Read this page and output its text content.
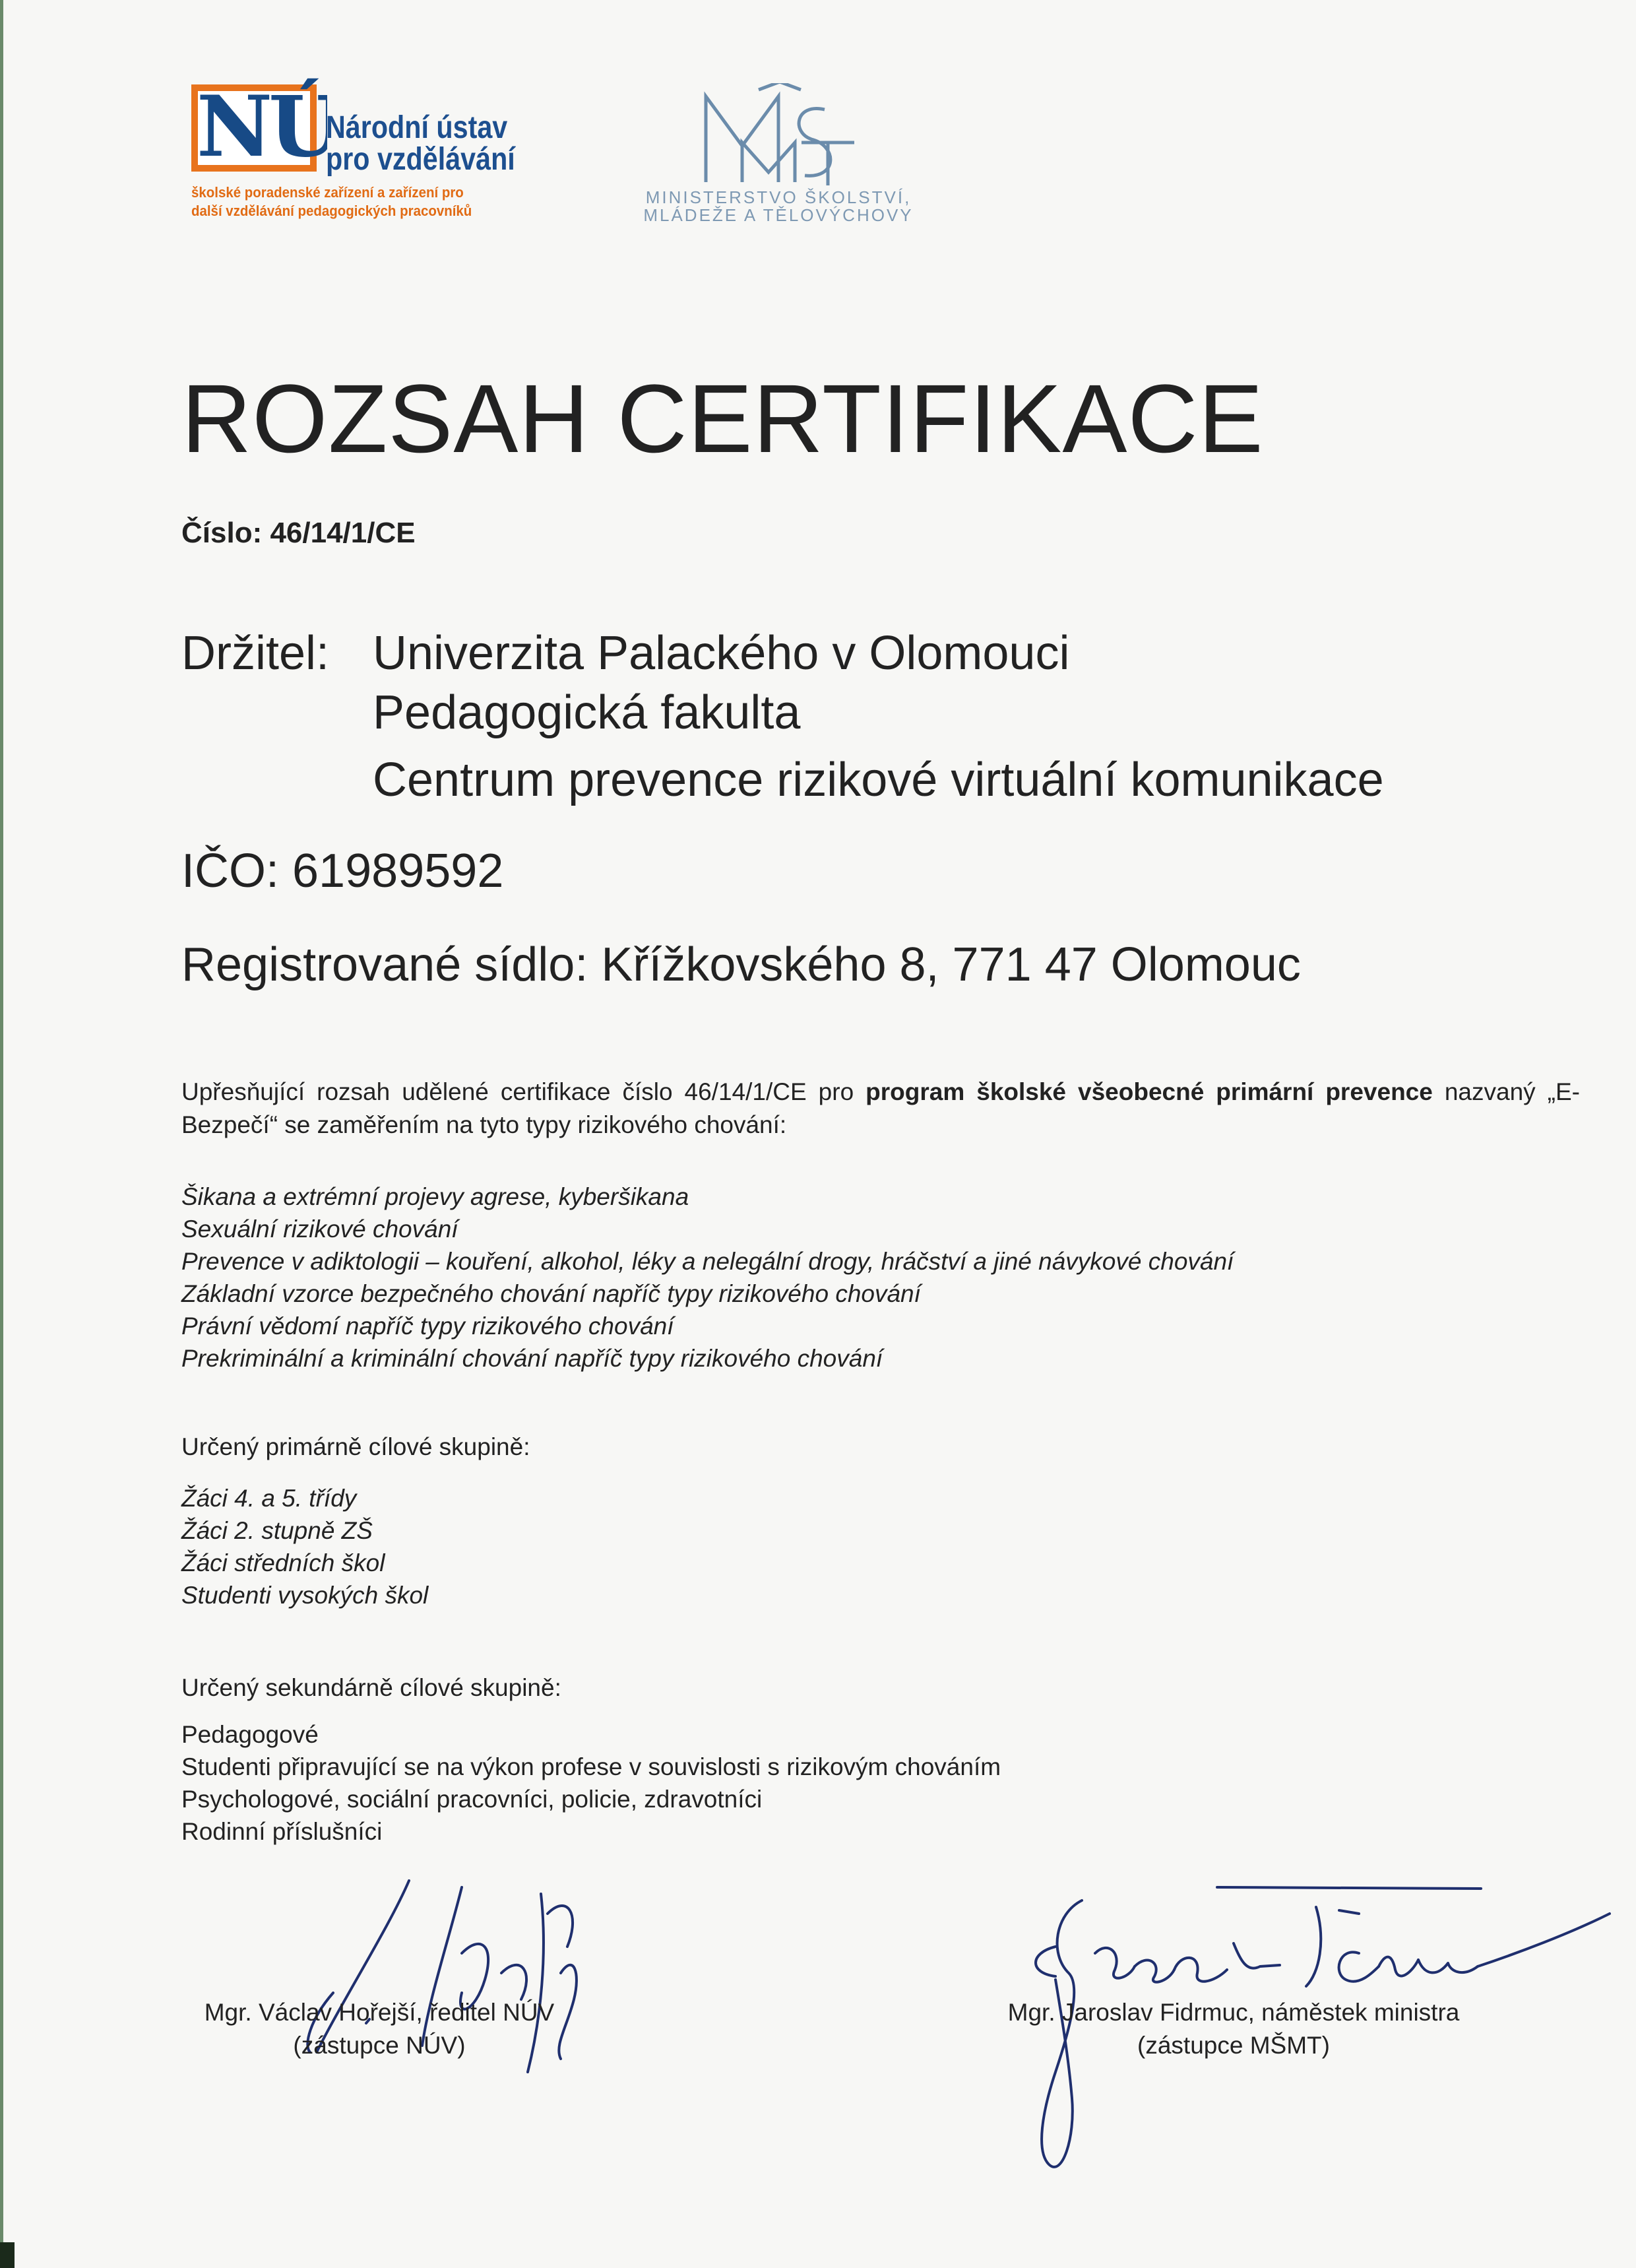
NÚ
Národní ústav
pro vzdělávání
školské poradenské zařízení a zařízení pro
další vzdělávání pedagogických pracovníků
MŠMT
MINISTERSTVO ŠKOLSTVÍ,
MLÁDEŽE A TĚLOVÝCHOVY
ROZSAH CERTIFIKACE
Číslo: 46/14/1/CE
Držitel: Univerzita Palackého v Olomouci
Pedagogická fakulta
Centrum prevence rizikové virtuální komunikace
IČO: 61989592
Registrované sídlo: Křížkovského 8, 771 47 Olomouc
Upřesňující rozsah udělené certifikace číslo 46/14/1/CE pro program školské všeobecné primární prevence nazvaný „E-Bezpečí“ se zaměřením na tyto typy rizikového chování:
Šikana a extrémní projevy agrese, kyberšikana
Sexuální rizikové chování
Prevence v adiktologii – kouření, alkohol, léky a nelegální drogy, hráčství a jiné návykové chování
Základní vzorce bezpečného chování napříč typy rizikového chování
Právní vědomí napříč typy rizikového chování
Prekriminální a kriminální chování napříč typy rizikového chování
Určený primárně cílové skupině:
Žáci 4. a 5. třídy
Žáci 2. stupně ZŠ
Žáci středních škol
Studenti vysokých škol
Určený sekundárně cílové skupině:
Pedagogové
Studenti připravující se na výkon profese v souvislosti s rizikovým chováním
Psychologové, sociální pracovníci, policie, zdravotníci
Rodinní příslušníci
Mgr. Václav Hořejší, ředitel NÚV
(zástupce NÚV)
Mgr. Jaroslav Fidrmuc, náměstek ministra
(zástupce MŠMT)
